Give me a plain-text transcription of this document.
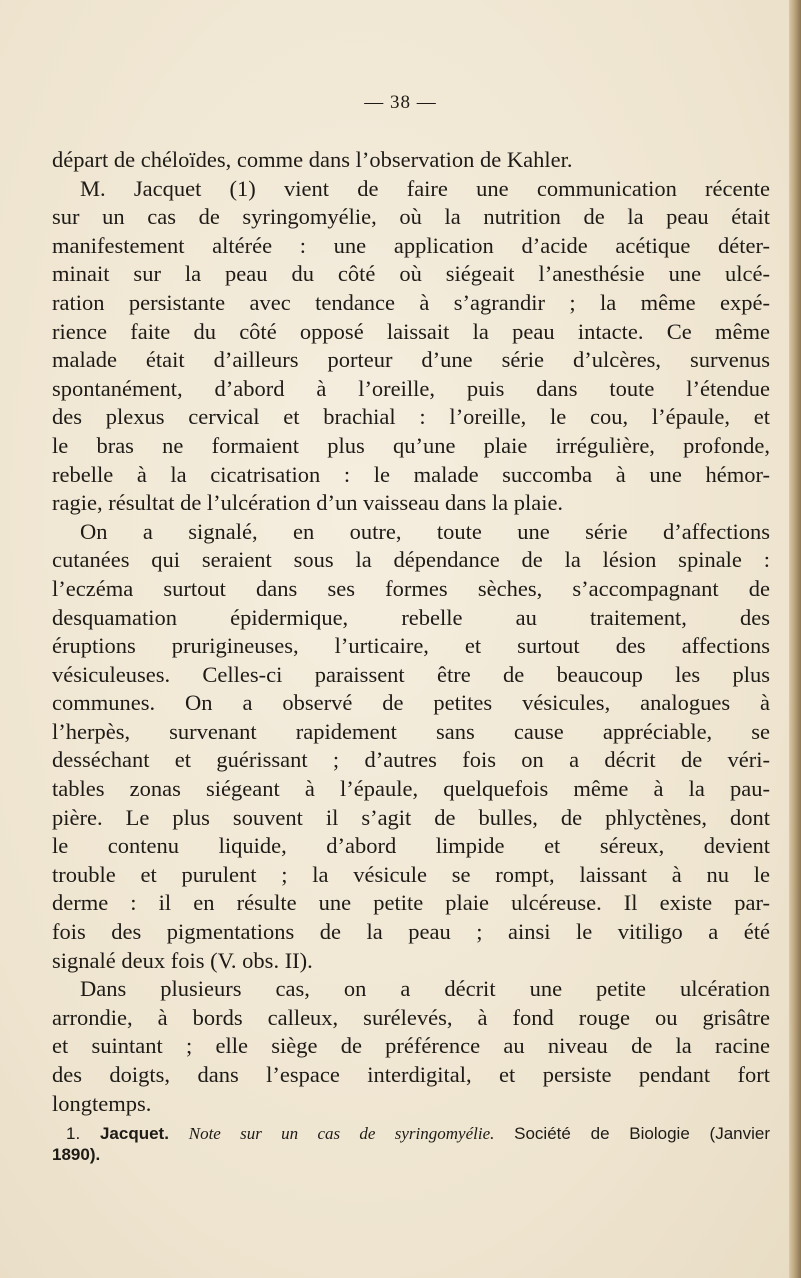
— 38 —
départ de chéloïdes, comme dans l’observation de Kahler.
M. Jacquet (1) vient de faire une communication récente
sur un cas de syringomyélie, où la nutrition de la peau était
manifestement altérée : une application d’acide acétique déter-
minait sur la peau du côté où siégeait l’anesthésie une ulcé-
ration persistante avec tendance à s’agrandir ; la même expé-
rience faite du côté opposé laissait la peau intacte. Ce même
malade était d’ailleurs porteur d’une série d’ulcères, survenus
spontanément, d’abord à l’oreille, puis dans toute l’étendue
des plexus cervical et brachial : l’oreille, le cou, l’épaule, et
le bras ne formaient plus qu’une plaie irrégulière, profonde,
rebelle à la cicatrisation : le malade succomba à une hémor-
ragie, résultat de l’ulcération d’un vaisseau dans la plaie.
On a signalé, en outre, toute une série d’affections
cutanées qui seraient sous la dépendance de la lésion spinale :
l’eczéma surtout dans ses formes sèches, s’accompagnant de
desquamation épidermique, rebelle au traitement, des
éruptions prurigineuses, l’urticaire, et surtout des affections
vésiculeuses. Celles-ci paraissent être de beaucoup les plus
communes. On a observé de petites vésicules, analogues à
l’herpès, survenant rapidement sans cause appréciable, se
desséchant et guérissant ; d’autres fois on a décrit de véri-
tables zonas siégeant à l’épaule, quelquefois même à la pau-
pière. Le plus souvent il s’agit de bulles, de phlyctènes, dont
le contenu liquide, d’abord limpide et séreux, devient
trouble et purulent ; la vésicule se rompt, laissant à nu le
derme : il en résulte une petite plaie ulcéreuse. Il existe par-
fois des pigmentations de la peau ; ainsi le vitiligo a été
signalé deux fois (V. obs. II).
Dans plusieurs cas, on a décrit une petite ulcération
arrondie, à bords calleux, surélevés, à fond rouge ou grisâtre
et suintant ; elle siège de préférence au niveau de la racine
des doigts, dans l’espace interdigital, et persiste pendant fort
longtemps.
1. Jacquet. Note sur un cas de syringomyélie. Société de Biologie (Janvier
1890).
